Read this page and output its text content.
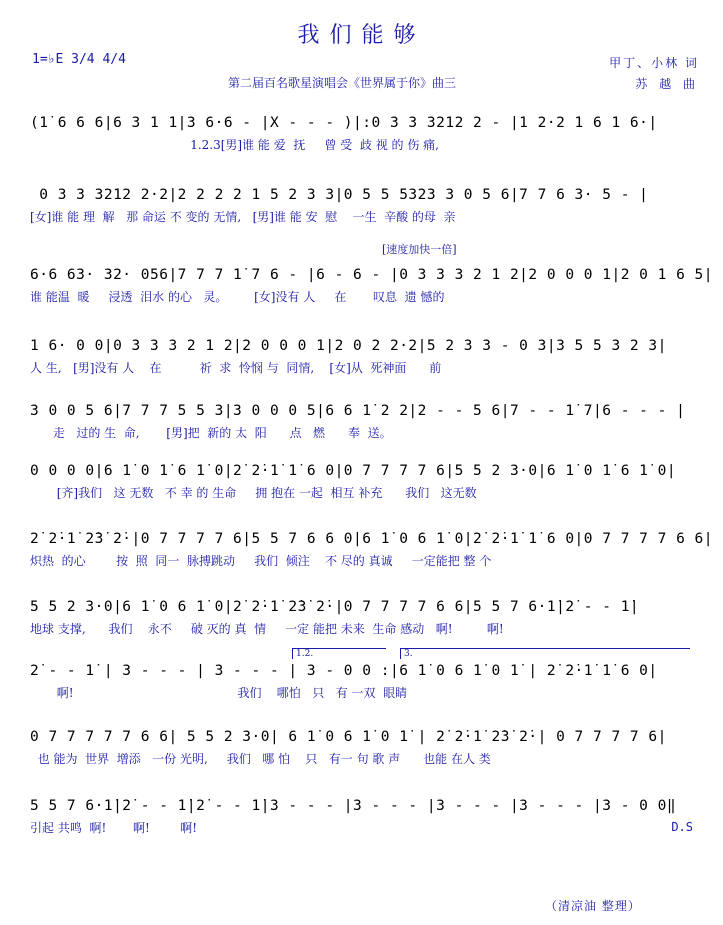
我们能够
1=♭E 3/4 4/4	甲丁、小林 词
苏 越 曲
第二届百名歌星演唱会《世界属于你》曲三
[速度加快一倍]
(1̇ 6 6 6|6 3 1 1|3 6·6 - |X - - - )|:0 3 3 3212 2 - |1 2·2 1 6 1 6·|
1.2.3[男]谁 能 爱  抚     曾 受  歧 视 的 伤 痛,
0 3 3 3212 2·2|2 2 2 2 1 5 2 3 3|0 5 5 5323 3 0 5 6|7 7 6 3· 5 - |
[女]谁 能 理  解   那 命运 不 变的 无情,   [男]谁 能 安  慰    一生  辛酸 的母  亲
6·6 63· 32· 056|7 7 7 1̇ 7 6 - |6 - 6 - |0 3 3 3 2 1 2|2 0 0 0 1|2 0 1 6 5|
谁 能温  暖     浸透  泪水 的心   灵。       [女]没有 人     在       叹息  遗 憾的
1 6· 0 0|0 3 3 3 2 1 2|2 0 0 0 1|2 0 2 2·2|5 2 3 3 - 0 3|3 5 5 3 2 3|
人 生,   [男]没有 人    在          祈  求  怜悯 与  同情,    [女]从  死神面      前
3 0 0 5 6|7 7 7 5 5 3|3 0 0 0 5|6 6 1̇ 2 2|2 - - 5 6|7 - - 1̇ 7|6 - - - |
走   过的 生  命,       [男]把  新的 太  阳      点   燃      奉  送。
0 0 0 0|6 1̇ 0 1̇ 6 1̇ 0|2̇ 2̇·1̇ 1̇ 6 0|0 7 7 7 7 6|5 5 2 3·0|6 1̇ 0 1̇ 6 1̇ 0|
[齐]我们   这 无数   不 幸 的 生命     拥 抱在 一起  相互 补充      我们   这无数
2̇ 2̇·1̇ 2̇3̇ 2̇·|0 7 7 7 7 6|5 5 7 6 6 0|6 1̇ 0 6 1̇ 0|2̇ 2̇·1̇ 1̇ 6 0|0 7 7 7 7 6 6|
炽热  的心        按  照  同一  脉搏跳动     我们  倾注    不 尽的 真诚     一定能把 整 个
5 5 2 3·0|6 1̇ 0 6 1̇ 0|2̇ 2̇·1̇ 2̇3̇ 2̇·|0 7 7 7 7 6 6|5 5 7 6·1̇|2̇ - - 1̇|
地球 支撑,      我们    永不     破 灭的 真  情     一定 能把 未来  生命 感动   啊!         啊!
1.2.	3.
2̇ - - 1̇ | 3 - - - | 3 - - - | 3 - 0 0 :|6 1̇ 0 6 1̇ 0 1̇ | 2̇ 2̇·1̇ 1̇ 6 0|
啊!                                           我们    哪怕   只   有 一双  眼睛
0 7 7 7 7 7 6 6| 5 5 2 3·0| 6 1̇ 0 6 1̇ 0 1̇ | 2̇ 2̇·1̇ 2̇3̇ 2̇·| 0 7 7 7 7 6|
也 能为  世界  增添   一份 光明,     我们   哪 怕    只   有一 句 歌 声      也能 在人 类
5 5 7 6·1̇|2̇ - - 1̇|2̇ - - 1̇|3 - - - |3 - - - |3 - - - |3 - - - |3 - 0 0‖
引起 共鸣  啊!       啊!        啊!	D.S
（清凉油 整理）
